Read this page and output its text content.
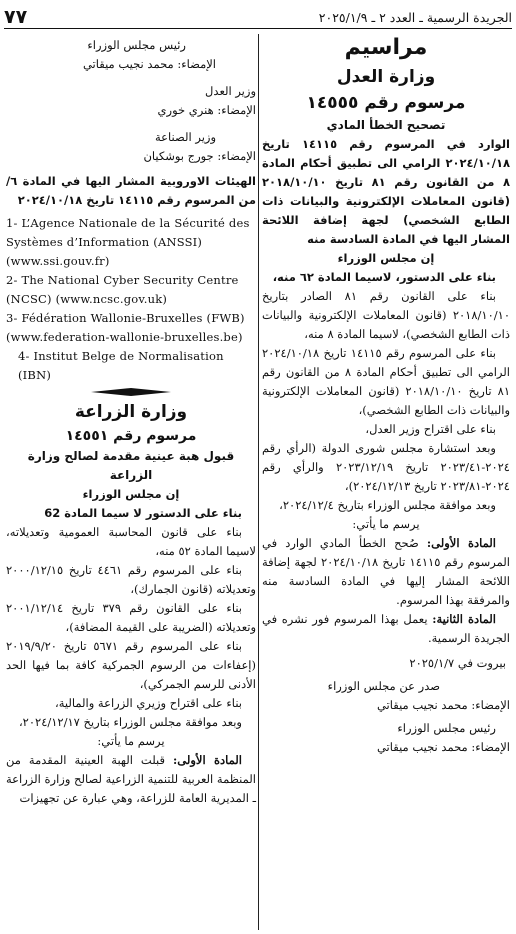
٧٧	الجريدة الرسمية ـ العدد ٢ ـ ٢٠٢٥/١/٩

مراسيم

وزارة العدل

مرسوم رقم ١٤٥٥٥

تصحيح الخطأ المادي

الوارد في المرسوم رقم ١٤١١٥ تاريخ ٢٠٢٤/١٠/١٨ الرامي الى تطبيق أحكام المادة ٨ من القانون رقم ٨١ تاريخ ٢٠١٨/١٠/١٠ (قانون المعاملات الإلكترونية والبيانات ذات الطابع الشخصي) لجهة إضافة اللائحة المشار اليها في المادة السادسة منه

إن مجلس الوزراء

بناء على الدستور، لاسيما المادة ٦٢ منه،

بناء على القانون رقم ٨١ الصادر بتاريخ ٢٠١٨/١٠/١٠ (قانون المعاملات الإلكترونية والبيانات ذات الطابع الشخصي)، لاسيما المادة ٨ منه،

بناء على المرسوم رقم ١٤١١٥ تاريخ ٢٠٢٤/١٠/١٨ الرامي الى تطبيق أحكام المادة ٨ من القانون رقم ٨١ تاريخ ٢٠١٨/١٠/١٠ (قانون المعاملات الإلكترونية والبيانات ذات الطابع الشخصي)،

بناء على اقتراح وزير العدل،

وبعد استشارة مجلس شورى الدولة (الرأي رقم ٢٠٢٤-٢٠٢٣/٤١ تاريخ ٢٠٢٣/١٢/١٩ والرأي رقم ٢٠٢٤-٢٠٢٣/٨١ تاريخ ٢٠٢٤/١٢/١٣)،

وبعد موافقة مجلس الوزراء بتاريخ ٢٠٢٤/١٢/٤،

يرسم ما يأتي:

المادة الأولى: صُحح الخطأ المادي الوارد في المرسوم رقم ١٤١١٥ تاريخ ٢٠٢٤/١٠/١٨ لجهة إضافة اللائحة المشار إليها في المادة السادسة منه والمرفقة بهذا المرسوم.

المادة الثانية: يعمل بهذا المرسوم فور نشره في الجريدة الرسمية.

بيروت في ٢٠٢٥/١/٧

صدر عن مجلس الوزراء

الإمضاء: محمد نجيب ميقاتي

رئيس مجلس الوزراء

الإمضاء: محمد نجيب ميقاتي

رئيس مجلس الوزراء

الإمضاء: محمد نجيب ميقاتي

وزير العدل

الإمضاء: هنري خوري

وزير الصناعة

الإمضاء: جورج بوشكيان

الهيئات الاوروبية المشار اليها في المادة ٦/ من المرسوم رقم ١٤١١٥ تاريخ ٢٠٢٤/١٠/١٨

1- L’Agence Nationale de la Sécurité des Systèmes d’Information (ANSSI) (www.ssi.gouv.fr)

2- The National Cyber Security Centre (NCSC) (www.ncsc.gov.uk)

3- Fédération Wallonie-Bruxelles (FWB) (www.federation-wallonie-bruxelles.be)

4- Institut Belge de Normalisation (IBN)

وزارة الزراعة

مرسوم رقم ١٤٥٥١

قبول هبة عينية مقدمة لصالح وزارة الزراعة

إن مجلس الوزراء

بناء على الدستور لا سيما المادة 62

بناء على قانون المحاسبة العمومية وتعديلاته، لاسيما المادة ٥٢ منه،

بناء على المرسوم رقم ٤٤٦١ تاريخ ٢٠٠٠/١٢/١٥ وتعديلاته (قانون الجمارك)،

بناء على القانون رقم ٣٧٩ تاريخ ٢٠٠١/١٢/١٤ وتعديلاته (الضريبة على القيمة المضافة)،

بناء على المرسوم رقم ٥٦٧١ تاريخ ٢٠١٩/٩/٢٠ (إعفاءات من الرسوم الجمركية كافة بما فيها الحد الأدنى للرسم الجمركي)،

بناء على اقتراح وزيري الزراعة والمالية،

وبعد موافقة مجلس الوزراء بتاريخ ٢٠٢٤/١٢/١٧،

يرسم ما يأتي:

المادة الأولى: قبلت الهبة العينية المقدمة من المنظمة العربية للتنمية الزراعية لصالح وزارة الزراعة ـ المديرية العامة للزراعة، وهي عبارة عن تجهيزات
